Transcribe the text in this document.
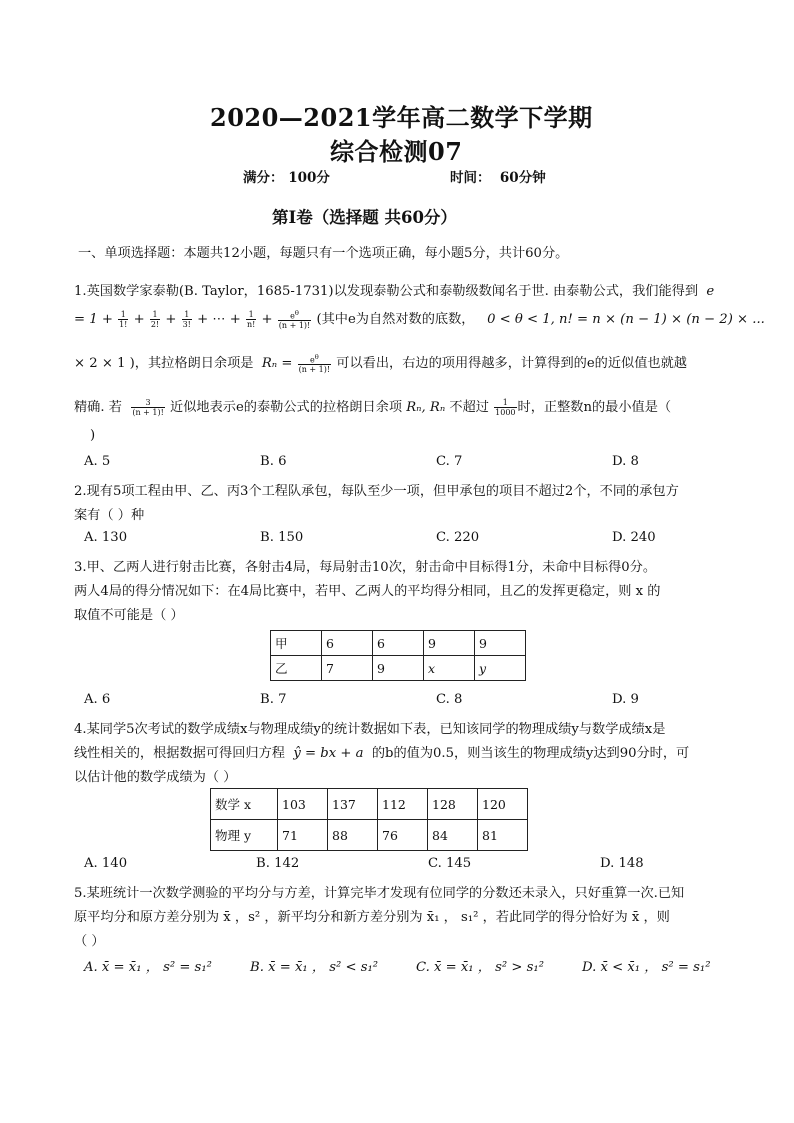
2020—2021学年高二数学下学期
综合检测07
满分： 100分	时间： 60分钟
第Ⅰ卷（选择题 共60分）
一、单项选择题：本题共12小题，每题只有一个选项正确，每小题5分，共计60分。
1.英国数学家泰勒(B. Taylor，1685-1731)以发现泰勒公式和泰勒级数闻名于世. 由泰勒公式，我们能得到 e
= $1 + \frac{1}{1!} + \frac{1}{2!} + \frac{1}{3!}$ + ⋯ + $\frac{1}{n!} + \frac{e^\theta}{(n + 1)!}$ (其中e为自然对数的底数， 0 < θ < 1, n! = n × (n − 1) × (n − 2) × ...
× 2 × 1 )，其拉格朗日余项是 $R_n = \frac{e^\theta}{(n + 1)!}$ 可以看出，右边的项用得越多，计算得到的e的近似值也就越
精确. 若 $\frac{3}{(n + 1)!}$ 近似地表示e的泰勒公式的拉格朗日余项 Rₙ, Rₙ 不超过 $\frac{1}{1000}$ 时，正整数n的最小值是（
)
A. 5	B. 6	C. 7	D. 8
2.现有5项工程由甲、乙、丙3个工程队承包，每队至少一项，但甲承包的项目不超过2个，不同的承包方
案有（ ）种
A. 130	B. 150	C. 220	D. 240
3.甲、乙两人进行射击比赛，各射击4局，每局射击10次，射击命中目标得1分，未命中目标得0分。
两人4局的得分情况如下：在4局比赛中，若甲、乙两人的平均得分相同，且乙的发挥更稳定，则 x 的
取值不可能是（ ）
甲	6	6	9	9
乙	7	9	x	y
A. 6	B. 7	C. 8	D. 9
4.某同学5次考试的数学成绩x与物理成绩y的统计数据如下表，已知该同学的物理成绩y与数学成绩x是
线性相关的，根据数据可得回归方程 ŷ = bx + a 的b的值为0.5，则当该生的物理成绩y达到90分时，可
以估计他的数学成绩为（ ）
数学 x	103	137	112	128	120
物理 y	71	88	76	84	81
A. 140	B. 142	C. 145	D. 148
5.某班统计一次数学测验的平均分与方差，计算完毕才发现有位同学的分数还未录入，只好重算一次.已知
原平均分和原方差分别为 x̄ ，s² ，新平均分和新方差分别为 x̄₁ ， s₁² ，若此同学的得分恰好为 x̄ ，则
（ ）
A. x̄ = x̄₁ ， s² = s₁²	B. x̄ = x̄₁ ， s² < s₁²	C. x̄ = x̄₁ ， s² > s₁²	D. x̄ < x̄₁ ， s² = s₁²
